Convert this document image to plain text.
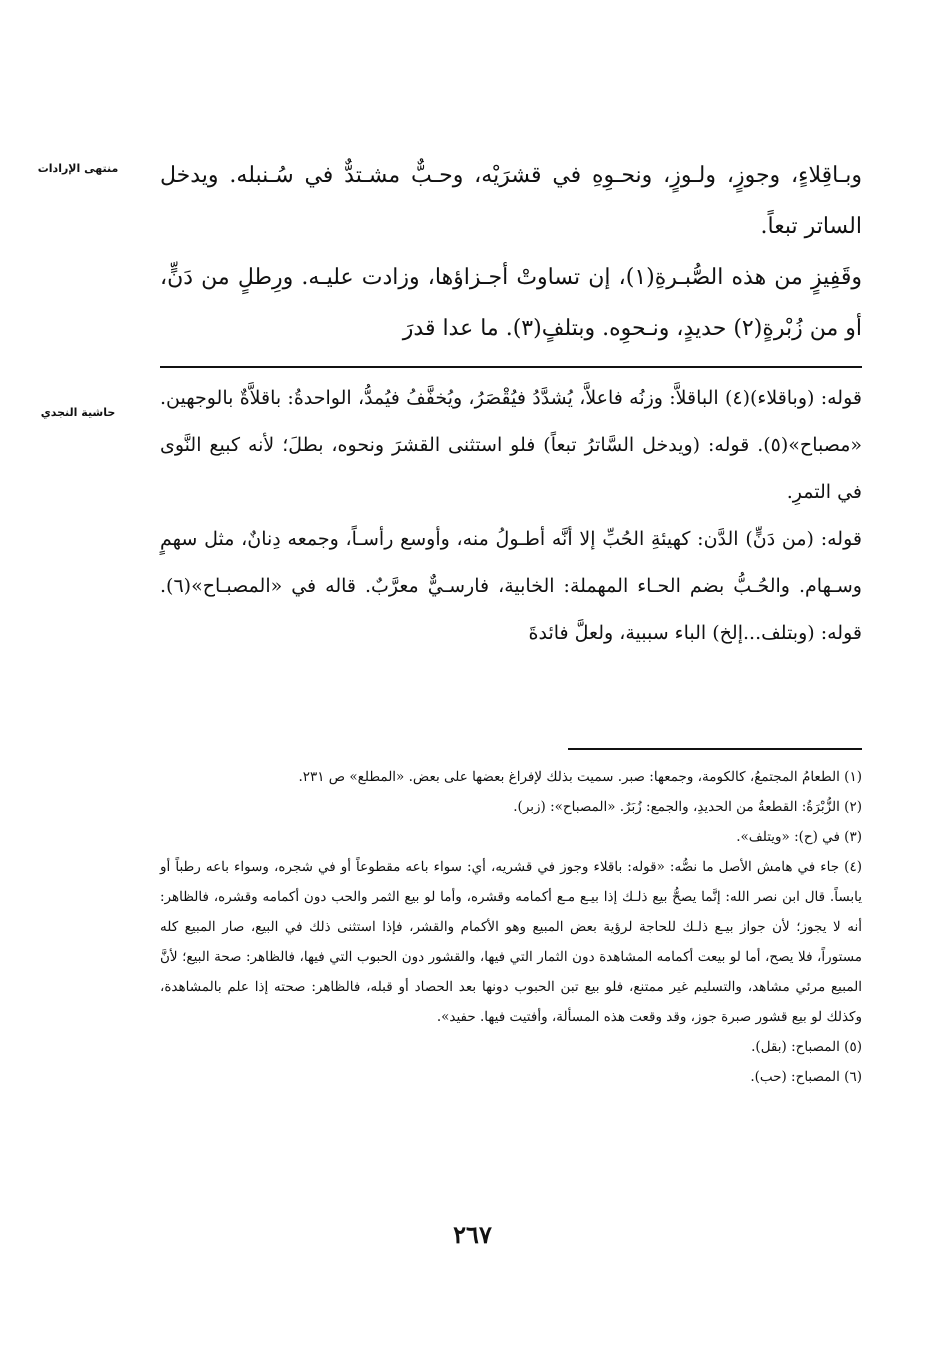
منتهى الإرادات
حاشية النجدي

وبـاقِلاءٍ، وجوزٍ، ولـوزٍ، ونحـوِهِ في قشرَيْه، وحـبٌّ مشـتدٌّ في سُـنبله. ويدخل الساتر تبعاً.

وقَفِيزٍ من هذه الصُّبـرةِ(١)، إن تساوتْ أجـزاؤها، وزادت عليـه. ورِطلٍ من دَنٍّ، أو من زُبْرةٍ(٢) حديدٍ، ونـحوِه. وبتلفٍ(٣). ما عدا قدرَ

قوله: (وباقلاء)(٤) الباقلاَّ: وزنُه فاعلاَّ، يُشدَّدُ فيُقْصَرُ، ويُخفَّفُ فيُمدُّ، الواحدةُ: باقلاَّةٌ بالوجهين. «مصباح»(٥). قوله: (ويدخل السَّاترُ تبعاً) فلو استثنى القشرَ ونحوه، بطلَ؛ لأنه كبيع النَّوى في التمرِ.

قوله: (من دَنٍّ) الدَّن: كهيئةِ الحُبِّ إلا أنَّه أطـولُ منه، وأوسع رأسـاً، وجمعه دِنانٌ، مثل سهمٍ وسـهام. والحُـبُّ بضم الحـاء المهملة: الخابية، فارسـيٌّ معرَّبٌ. قاله في «المصبـاح»(٦). قوله: (وبتلف...إلخ) الباء سببية، ولعلَّ فائدةَ

(١) الطعامُ المجتمعُ، كالكومة، وجمعها: صبر. سميت بذلك لإفراغ بعضها على بعض. «المطلع» ص ٢٣١.

(٢) الزُّبْرَةُ: القطعةُ من الحديدِ، والجمع: زُبَرٌ. «المصباح»: (زبر).

(٣) في (ح): «ويتلف».

(٤) جاء في هامش الأصل ما نصُّه: «قوله: باقلاء وجوز في قشريه، أي: سواء باعه مقطوعاً أو في شجره، وسواء باعه رطباً أو يابساً. قال ابن نصر الله: إنَّما يصحُّ بيع ذلـك إذا بيـع مـع أكمامه وقشره، وأما لو بيع الثمر والحب دون أكمامه وقشره، فالظاهر: أنه لا يجوز؛ لأن جواز بيـع ذلـك للحاجة لرؤية بعض المبيع وهو الأكمام والقشر، فإذا استثنى ذلك في البيع، صار المبيع كله مستوراً، فلا يصح، أما لو بيعت أكمامه المشاهدة دون الثمار التي فيها، والقشور دون الحبوب التي فيها، فالظاهر: صحة البيع؛ لأنَّ المبيع مرئي مشاهد، والتسليم غير ممتنع، فلو بيع تبن الحبوب دونها بعد الحصاد أو قبله، فالظاهر: صحته إذا علم بالمشاهدة، وكذلك لو بيع قشور صبرة جوز، وقد وقعت هذه المسألة، وأفتيت فيها. حفيد».

(٥) المصباح: (بقل).

(٦) المصباح: (حب).

٢٦٧
